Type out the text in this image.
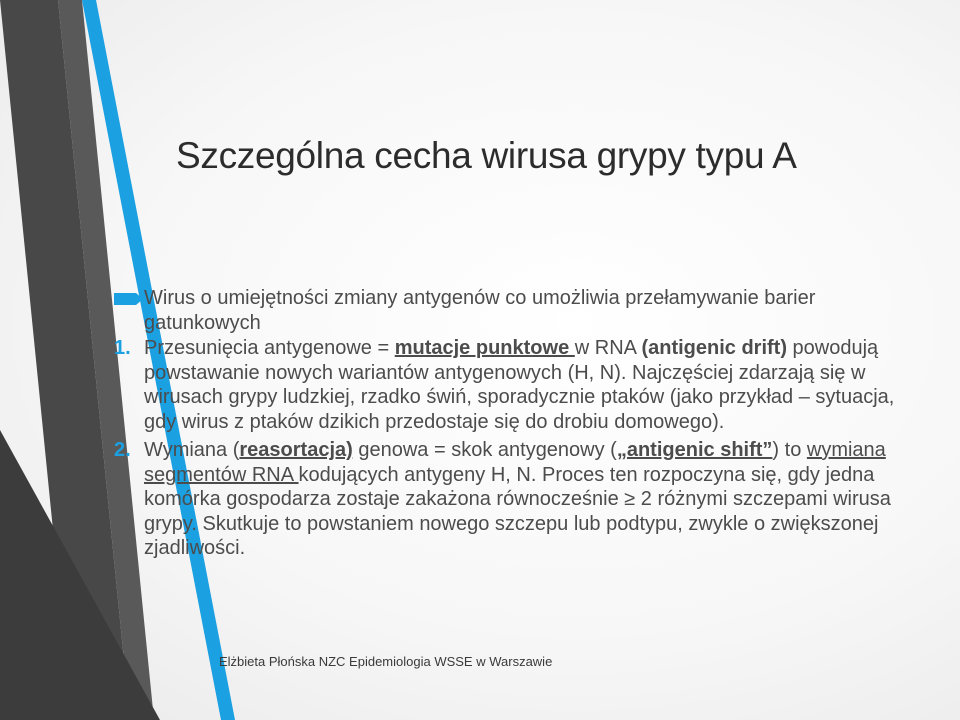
Szczególna cecha wirusa grypy typu A
Wirus o umiejętności zmiany antygenów co umożliwia przełamywanie barier gatunkowych
1. Przesunięcia antygenowe = mutacje punktowe w RNA (antigenic drift) powodują powstawanie nowych wariantów antygenowych (H, N). Najczęściej zdarzają się w wirusach grypy ludzkiej, rzadko świń, sporadycznie ptaków (jako przykład – sytuacja, gdy wirus z ptaków dzikich przedostaje się do drobiu domowego).
2. Wymiana (reasortacja) genowa = skok antygenowy („antigenic shift”) to wymiana segmentów RNA kodujących antygeny H, N. Proces ten rozpoczyna się, gdy jedna komórka gospodarza zostaje zakażona równocześnie ≥ 2 różnymi szczepami wirusa grypy. Skutkuje to powstaniem nowego szczepu lub podtypu, zwykle o zwiększonej zjadliwości.
Elżbieta Płońska NZC Epidemiologia WSSE w Warszawie
